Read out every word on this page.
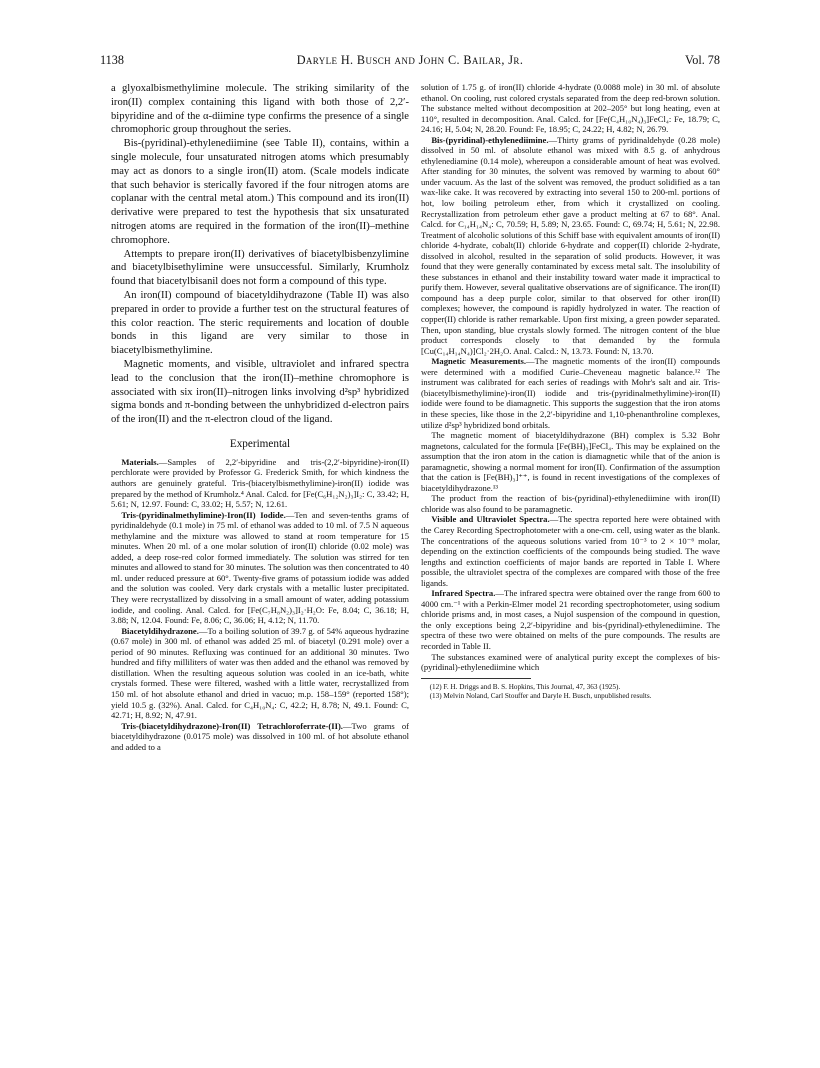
1138	Daryle H. Busch and John C. Bailar, Jr.	Vol. 78

a glyoxalbismethylimine molecule. The striking similarity of the iron(II) complex containing this ligand with both those of 2,2′-bipyridine and of the α-diimine type confirms the presence of a single chromophoric group throughout the series.

Bis-(pyridinal)-ethylenediimine (see Table II), contains, within a single molecule, four unsaturated nitrogen atoms which presumably may act as donors to a single iron(II) atom. (Scale models indicate that such behavior is sterically favored if the four nitrogen atoms are coplanar with the central metal atom.) This compound and its iron(II) derivative were prepared to test the hypothesis that six unsaturated nitrogen atoms are required in the formation of the iron(II)–methine chromophore.

Attempts to prepare iron(II) derivatives of biacetylbisbenzylimine and biacetylbisethylimine were unsuccessful. Similarly, Krumholz found that biacetylbisanil does not form a compound of this type.

An iron(II) compound of biacetyldihydrazone (Table II) was also prepared in order to provide a further test on the structural features of this color reaction. The steric requirements and location of double bonds in this ligand are very similar to those in biacetylbismethylimine.

Magnetic moments, and visible, ultraviolet and infrared spectra lead to the conclusion that the iron(II)–methine chromophore is associated with six iron(II)–nitrogen links involving d²sp³ hybridized sigma bonds and π-bonding between the unhybridized d-electron pairs of the iron(II) and the π-electron cloud of the ligand.

Experimental

Materials.—Samples of 2,2′-bipyridine and tris-(2,2′-bipyridine)-iron(II) perchlorate were provided by Professor G. Frederick Smith, for which kindness the authors are genuinely grateful. Tris-(biacetylbismethylimine)-iron(II) iodide was prepared by the method of Krumholz.⁴ Anal. Calcd. for [Fe(C₆H₁₂N₂)₃]I₂: C, 33.42; H, 5.61; N, 12.97. Found: C, 33.02; H, 5.57; N, 12.61.

Tris-(pyridinalmethylimine)-Iron(II) Iodide.—Ten and seven-tenths grams of pyridinaldehyde (0.1 mole) in 75 ml. of ethanol was added to 10 ml. of 7.5 N aqueous methylamine and the mixture was allowed to stand at room temperature for 15 minutes. When 20 ml. of a one molar solution of iron(II) chloride (0.02 mole) was added, a deep rose-red color formed immediately. The solution was stirred for ten minutes and allowed to stand for 30 minutes. The solution was then concentrated to 40 ml. under reduced pressure at 60°. Twenty-five grams of potassium iodide was added and the solution was cooled. Very dark crystals with a metallic luster precipitated. They were recrystallized by dissolving in a small amount of water, adding potassium iodide, and cooling. Anal. Calcd. for [Fe(C₇H₈N₂)₃]I₂·H₂O: Fe, 8.04; C, 36.18; H, 3.88; N, 12.04. Found: Fe, 8.06; C, 36.06; H, 4.12; N, 11.70.

Biacetyldihydrazone.—To a boiling solution of 39.7 g. of 54% aqueous hydrazine (0.67 mole) in 300 ml. of ethanol was added 25 ml. of biacetyl (0.291 mole) over a period of 90 minutes. Refluxing was continued for an additional 30 minutes. Two hundred and fifty milliliters of water was then added and the ethanol was removed by distillation. When the resulting aqueous solution was cooled in an ice-bath, white crystals formed. These were filtered, washed with a little water, recrystallized from 150 ml. of hot absolute ethanol and dried in vacuo; m.p. 158–159° (reported 158°); yield 10.5 g. (32%). Anal. Calcd. for C₄H₁₀N₄: C, 42.2; H, 8.78; N, 49.1. Found: C, 42.71; H, 8.92; N, 47.91.

Tris-(biacetyldihydrazone)-Iron(II) Tetrachloroferrate-(II).—Two grams of biacetyldihydrazone (0.0175 mole) was dissolved in 100 ml. of hot absolute ethanol and added to a

solution of 1.75 g. of iron(II) chloride 4-hydrate (0.0088 mole) in 30 ml. of absolute ethanol. On cooling, rust colored crystals separated from the deep red-brown solution. The substance melted without decomposition at 202–205° but long heating, even at 110°, resulted in decomposition. Anal. Calcd. for [Fe(C₄H₁₀N₄)₃]FeCl₄: Fe, 18.79; C, 24.16; H, 5.04; N, 28.20. Found: Fe, 18.95; C, 24.22; H, 4.82; N, 26.79.

Bis-(pyridinal)-ethylenediimine.—Thirty grams of pyridinaldehyde (0.28 mole) dissolved in 50 ml. of absolute ethanol was mixed with 8.5 g. of anhydrous ethylenediamine (0.14 mole), whereupon a considerable amount of heat was evolved. After standing for 30 minutes, the solvent was removed by warming to about 60° under vacuum. As the last of the solvent was removed, the product solidified as a tan wax-like cake. It was recovered by extracting into several 150 to 200-ml. portions of hot, low boiling petroleum ether, from which it crystallized on cooling. Recrystallization from petroleum ether gave a product melting at 67 to 68°. Anal. Calcd. for C₁₄H₁₄N₄: C, 70.59; H, 5.89; N, 23.65. Found: C, 69.74; H, 5.61; N, 22.98. Treatment of alcoholic solutions of this Schiff base with equivalent amounts of iron(II) chloride 4-hydrate, cobalt(II) chloride 6-hydrate and copper(II) chloride 2-hydrate, dissolved in alcohol, resulted in the separation of solid products. However, it was found that they were generally contaminated by excess metal salt. The insolubility of these substances in ethanol and their instability toward water made it impractical to purify them. However, several qualitative observations are of significance. The iron(II) compound has a deep purple color, similar to that observed for other iron(II) complexes; however, the compound is rapidly hydrolyzed in water. The reaction of copper(II) chloride is rather remarkable. Upon first mixing, a green powder separated. Then, upon standing, blue crystals slowly formed. The nitrogen content of the blue product corresponds closely to that demanded by the formula [Cu(C₁₄H₁₄N₄)]Cl₂·2H₂O. Anal. Calcd.: N, 13.73. Found: N, 13.70.

Magnetic Measurements.—The magnetic moments of the iron(II) compounds were determined with a modified Curie–Cheveneau magnetic balance.¹² The instrument was calibrated for each series of readings with Mohr's salt and air. Tris-(biacetylbismethylimine)-iron(II) iodide and tris-(pyridinalmethylimine)-iron(II) iodide were found to be diamagnetic. This supports the suggestion that the iron atoms in these species, like those in the 2,2′-bipyridine and 1,10-phenanthroline complexes, utilize d²sp³ hybridized bond orbitals.

The magnetic moment of biacetyldihydrazone (BH) complex is 5.32 Bohr magnetons, calculated for the formula [Fe(BH)₃]FeCl₄. This may be explained on the assumption that the iron atom in the cation is diamagnetic while that of the anion is paramagnetic, showing a normal moment for iron(II). Confirmation of the assumption that the cation is [Fe(BH)₃]⁺⁺, is found in recent investigations of the complexes of biacetyldihydrazone.¹³

The product from the reaction of bis-(pyridinal)-ethylenediimine with iron(II) chloride was also found to be paramagnetic.

Visible and Ultraviolet Spectra.—The spectra reported here were obtained with the Carey Recording Spectrophotometer with a one-cm. cell, using water as the blank. The concentrations of the aqueous solutions varied from 10⁻³ to 2 × 10⁻⁶ molar, depending on the extinction coefficients of the compounds being studied. The wave lengths and extinction coefficients of major bands are reported in Table I. Where possible, the ultraviolet spectra of the complexes are compared with those of the free ligands.

Infrared Spectra.—The infrared spectra were obtained over the range from 600 to 4000 cm.⁻¹ with a Perkin-Elmer model 21 recording spectrophotometer, using sodium chloride prisms and, in most cases, a Nujol suspension of the compound in question, the only exceptions being 2,2′-bipyridine and bis-(pyridinal)-ethylenediimine. The spectra of these two were obtained on melts of the pure compounds. The results are recorded in Table II.

The substances examined were of analytical purity except the complexes of bis-(pyridinal)-ethylenediimine which

(12) F. H. Driggs and B. S. Hopkins, This Journal, 47, 363 (1925).

(13) Melvin Noland, Carl Stouffer and Daryle H. Busch, unpublished results.
